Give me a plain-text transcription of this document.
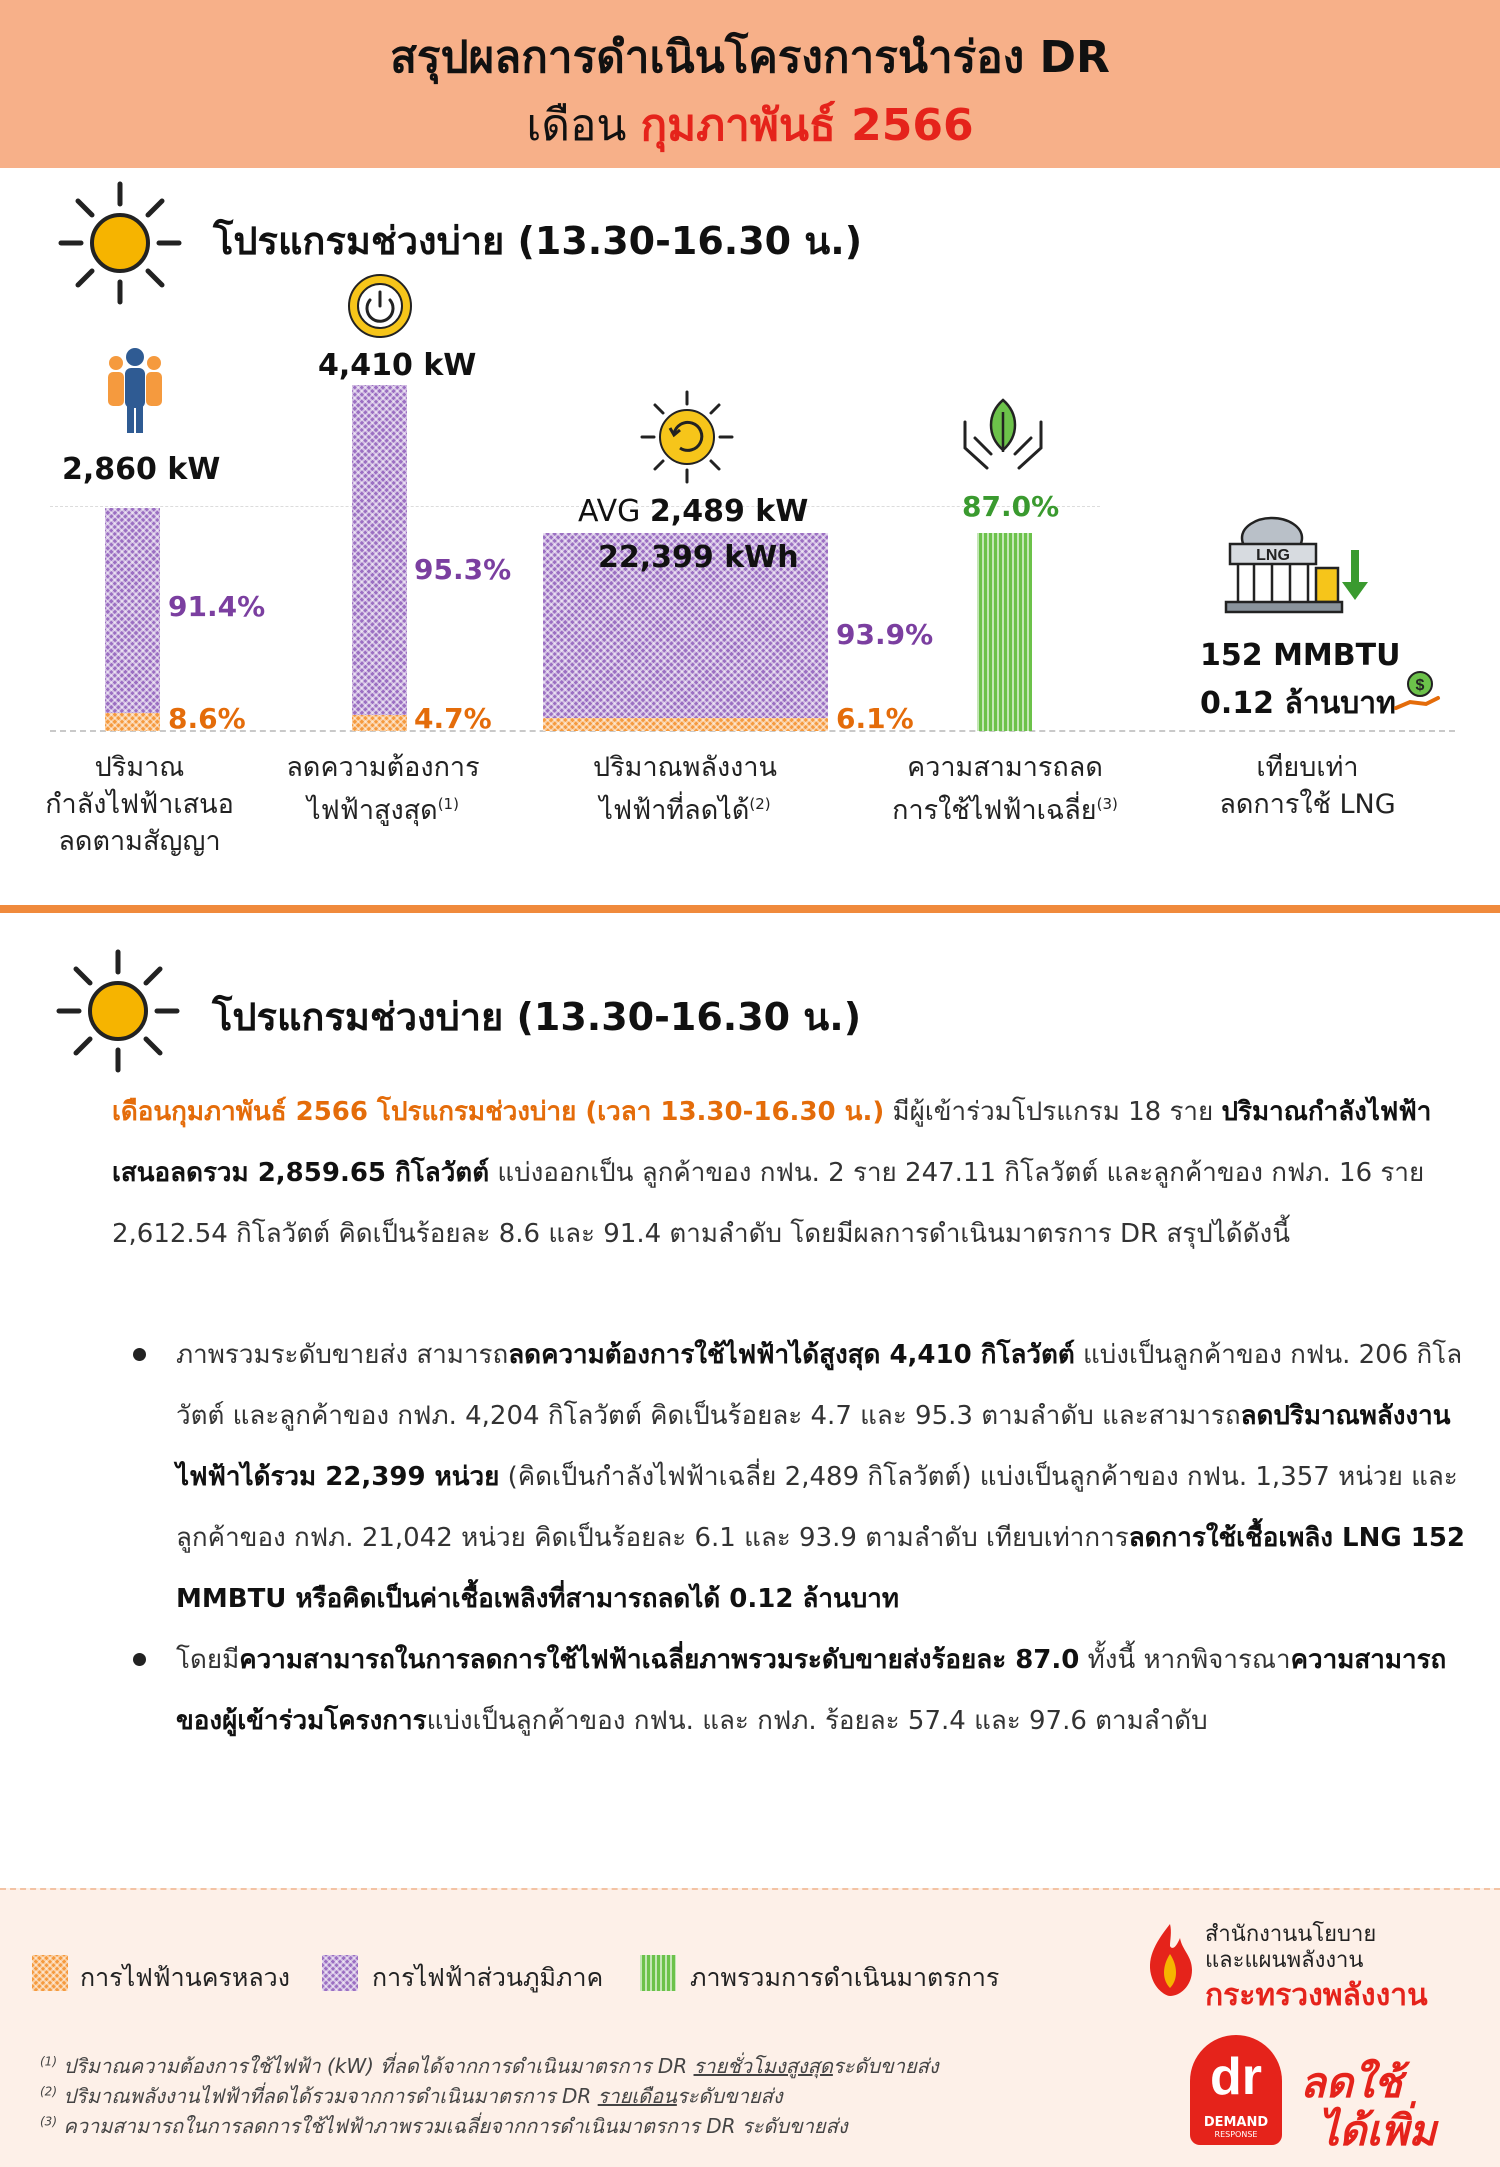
สรุปผลการดำเนินโครงการนำร่อง DR
เดือน กุมภาพันธ์ 2566
โปรแกรมช่วงบ่าย (13.30-16.30 น.)
2,860 kW
91.4%
8.6%
ปริมาณ
กำลังไฟฟ้าเสนอ
ลดตามสัญญา
4,410 kW
95.3%
4.7%
ลดความต้องการ
ไฟฟ้าสูงสุด$^{(1)}$
AVG 2,489 kW
22,399 kWh
93.9%
6.1%
ปริมาณพลังงาน
ไฟฟ้าที่ลดได้$^{(2)}$
87.0%
ความสามารถลด
การใช้ไฟฟ้าเฉลี่ย$^{(3)}$
LNG
152 MMBTU
0.12 ล้านบาท
$
เทียบเท่า
ลดการใช้ LNG
โปรแกรมช่วงบ่าย (13.30-16.30 น.)
เดือนกุมภาพันธ์ 2566 โปรแกรมช่วงบ่าย (เวลา 13.30-16.30 น.) มีผู้เข้าร่วมโปรแกรม 18 ราย ปริมาณกำลังไฟฟ้าเสนอลดรวม 2,859.65 กิโลวัตต์ แบ่งออกเป็น ลูกค้าของ กฟน. 2 ราย 247.11 กิโลวัตต์ และลูกค้าของ กฟภ. 16 ราย 2,612.54 กิโลวัตต์ คิดเป็นร้อยละ 8.6 และ 91.4 ตามลำดับ โดยมีผลการดำเนินมาตรการ DR สรุปได้ดังนี้
ภาพรวมระดับขายส่ง สามารถลดความต้องการใช้ไฟฟ้าได้สูงสุด 4,410 กิโลวัตต์ แบ่งเป็นลูกค้าของ กฟน. 206 กิโลวัตต์ และลูกค้าของ กฟภ. 4,204 กิโลวัตต์ คิดเป็นร้อยละ 4.7 และ 95.3 ตามลำดับ และสามารถลดปริมาณพลังงานไฟฟ้าได้รวม 22,399 หน่วย (คิดเป็นกำลังไฟฟ้าเฉลี่ย 2,489 กิโลวัตต์) แบ่งเป็นลูกค้าของ กฟน. 1,357 หน่วย และลูกค้าของ กฟภ. 21,042 หน่วย คิดเป็นร้อยละ 6.1 และ 93.9 ตามลำดับ เทียบเท่าการลดการใช้เชื้อเพลิง LNG 152 MMBTU หรือคิดเป็นค่าเชื้อเพลิงที่สามารถลดได้ 0.12 ล้านบาท
โดยมีความสามารถในการลดการใช้ไฟฟ้าเฉลี่ยภาพรวมระดับขายส่งร้อยละ 87.0 ทั้งนี้ หากพิจารณาความสามารถของผู้เข้าร่วมโครงการแบ่งเป็นลูกค้าของ กฟน. และ กฟภ. ร้อยละ 57.4 และ 97.6 ตามลำดับ
การไฟฟ้านครหลวง	การไฟฟ้าส่วนภูมิภาค	ภาพรวมการดำเนินมาตรการ
$^{(1)}$ ปริมาณความต้องการใช้ไฟฟ้า (kW) ที่ลดได้จากการดำเนินมาตรการ DR รายชั่วโมงสูงสุดระดับขายส่ง
$^{(2)}$ ปริมาณพลังงานไฟฟ้าที่ลดได้รวมจากการดำเนินมาตรการ DR รายเดือนระดับขายส่ง
$^{(3)}$ ความสามารถในการลดการใช้ไฟฟ้าภาพรวมเฉลี่ยจากการดำเนินมาตรการ DR ระดับขายส่ง
สำนักงานนโยบาย
และแผนพลังงาน
กระทรวงพลังงาน
dr
DEMAND
RESPONSE
ลดใช้
ได้เพิ่ม
